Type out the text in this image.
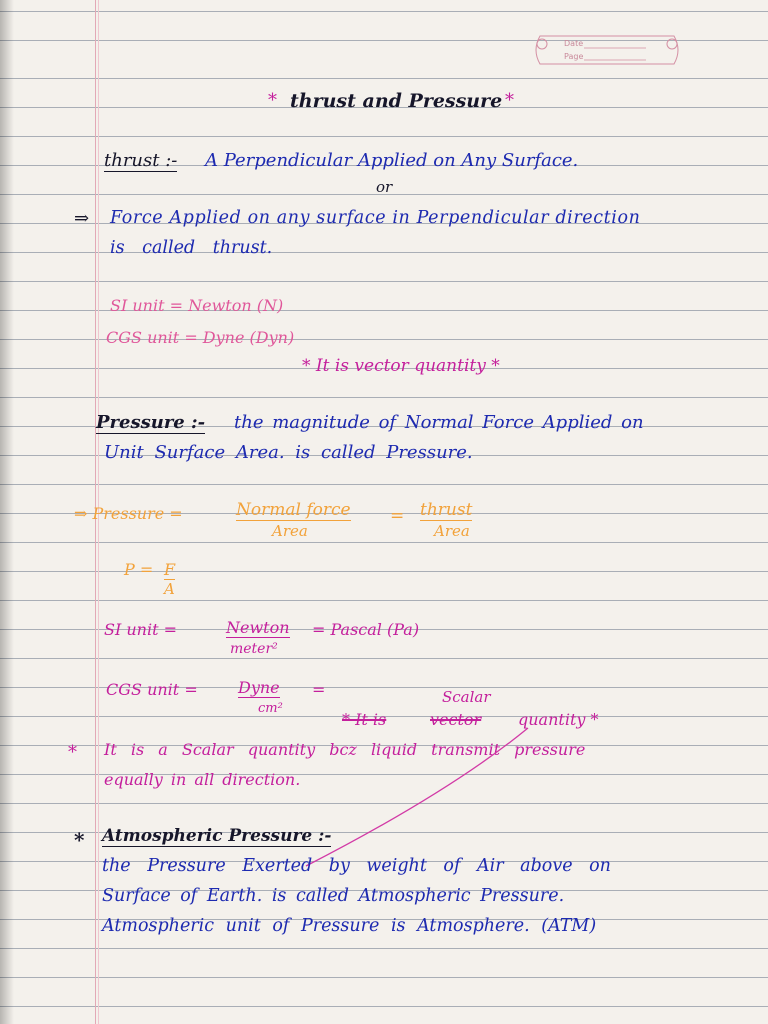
Date
Page
* thrust and Pressure *
thrust :- A Perpendicular Applied on Any Surface.
or
⇒ Force Applied on any surface in Perpendicular direction
is called thrust.
SI unit = Newton (N)
CGS unit = Dyne (Dyn)
* It is vector quantity *
Pressure :- the magnitude of Normal Force Applied on
Unit Surface Area. is called Pressure.
⇒ Pressure =	Normal force
Area
= thrust
Area
P = F
A
SI unit =	Newton
meter²
= Pascal (Pa)
CGS unit =	Dyne
cm²
=	Scalar
* It is	vector quantity *
* It is a Scalar quantity bcz liquid transmit pressure
equally in all direction.
* Atmospheric Pressure :-
the Pressure Exerted by weight of Air above on
Surface of Earth. is called Atmospheric Pressure.
Atmospheric unit of Pressure is Atmosphere. (ATM)
